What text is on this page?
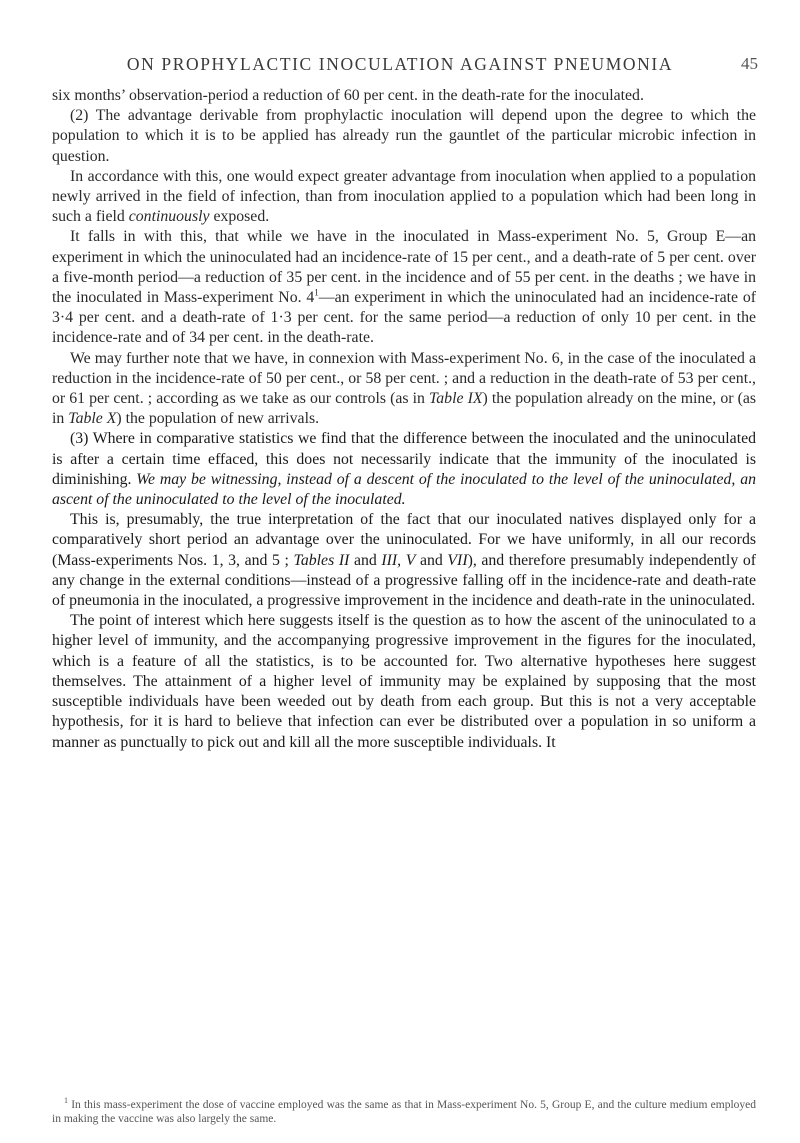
ON PROPHYLACTIC INOCULATION AGAINST PNEUMONIA	45

six months’ observation-period a reduction of 60 per cent. in the death-rate for the inoculated.

(2) The advantage derivable from prophylactic inoculation will depend upon the degree to which the population to which it is to be applied has already run the gauntlet of the particular microbic infection in question.

In accordance with this, one would expect greater advantage from inoculation when applied to a population newly arrived in the field of infection, than from inoculation applied to a population which had been long in such a field continuously exposed.

It falls in with this, that while we have in the inoculated in Mass-experiment No. 5, Group E—an experiment in which the uninoculated had an incidence-rate of 15 per cent., and a death-rate of 5 per cent. over a five-month period—a reduction of 35 per cent. in the incidence and of 55 per cent. in the deaths ; we have in the inoculated in Mass-experiment No. 4$^1$—an experiment in which the uninoculated had an incidence-rate of 3·4 per cent. and a death-rate of 1·3 per cent. for the same period—a reduction of only 10 per cent. in the incidence-rate and of 34 per cent. in the death-rate.

We may further note that we have, in connexion with Mass-experiment No. 6, in the case of the inoculated a reduction in the incidence-rate of 50 per cent., or 58 per cent. ; and a reduction in the death-rate of 53 per cent., or 61 per cent. ; according as we take as our controls (as in Table IX) the population already on the mine, or (as in Table X) the population of new arrivals.

(3) Where in comparative statistics we find that the difference between the inoculated and the uninoculated is after a certain time effaced, this does not necessarily indicate that the immunity of the inoculated is diminishing. We may be witnessing, instead of a descent of the inoculated to the level of the uninoculated, an ascent of the uninoculated to the level of the inoculated.

This is, presumably, the true interpretation of the fact that our inoculated natives displayed only for a comparatively short period an advantage over the uninoculated. For we have uniformly, in all our records (Mass-experiments Nos. 1, 3, and 5 ; Tables II and III, V and VII), and therefore presumably independently of any change in the external conditions—instead of a progressive falling off in the incidence-rate and death-rate of pneumonia in the inoculated, a progressive improvement in the incidence and death-rate in the uninoculated.

The point of interest which here suggests itself is the question as to how the ascent of the uninoculated to a higher level of immunity, and the accompanying progressive improvement in the figures for the inoculated, which is a feature of all the statistics, is to be accounted for. Two alternative hypotheses here suggest themselves. The attainment of a higher level of immunity may be explained by supposing that the most susceptible individuals have been weeded out by death from each group. But this is not a very acceptable hypothesis, for it is hard to believe that infection can ever be distributed over a population in so uniform a manner as punctually to pick out and kill all the more susceptible individuals. It

$^1$ In this mass-experiment the dose of vaccine employed was the same as that in Mass-experiment No. 5, Group E, and the culture medium employed in making the vaccine was also largely the same.
